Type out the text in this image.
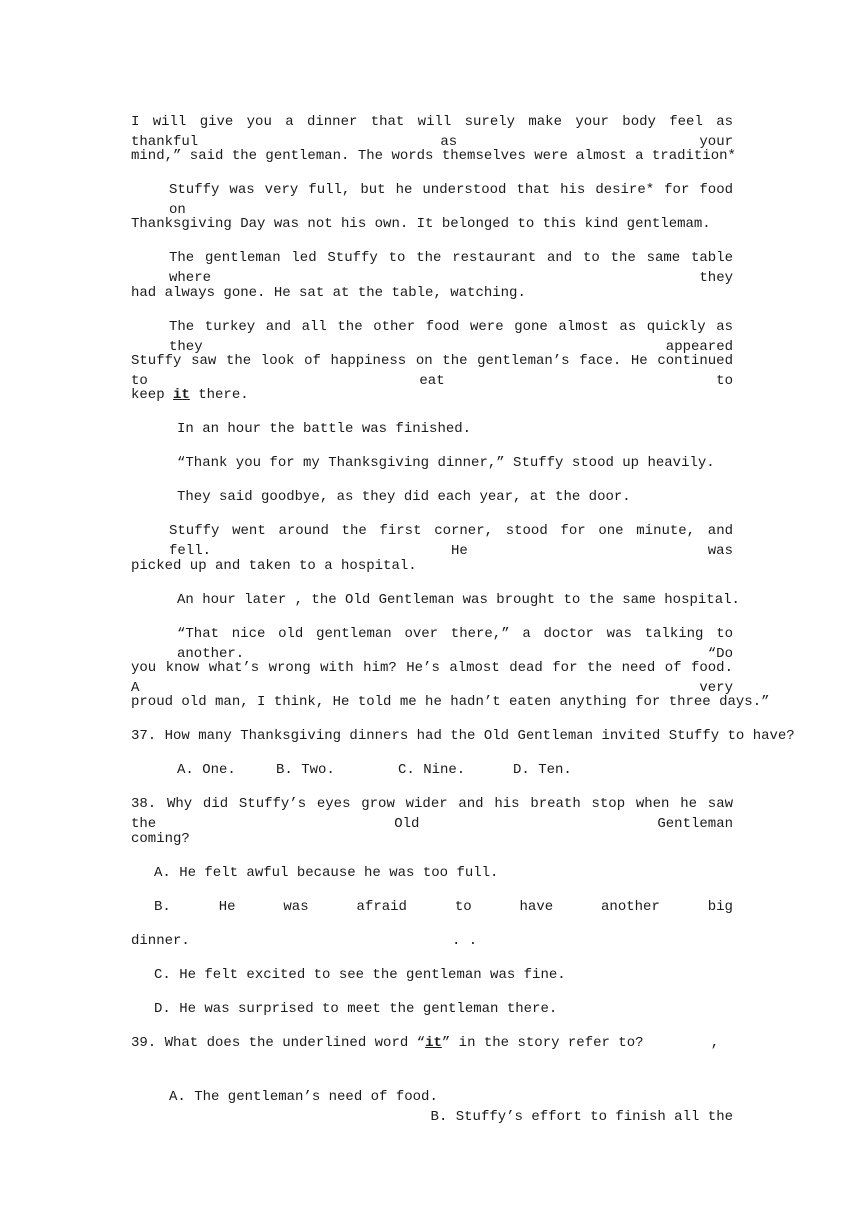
I will give you a dinner that will surely make your body feel as thankful as your
mind,” said the gentleman. The words themselves were almost a tradition*
Stuffy was very full, but he understood that his desire* for food on
Thanksgiving Day was not his own. It belonged to this kind gentlemam.
The gentleman led Stuffy to the restaurant and to the same table where they
had always gone. He sat at the table, watching.
The turkey and all the other food were gone almost as quickly as they appeared
Stuffy saw the look of happiness on the gentleman’s face. He continued to eat to
keep it there.
In an hour the battle was finished.
“Thank you for my Thanksgiving dinner,” Stuffy stood up heavily.
They said goodbye, as they did each year, at the door.
Stuffy went around the first corner, stood for one minute, and fell. He was
picked up and taken to a hospital.
An hour later , the Old Gentleman was brought to the same hospital.
“That nice old gentleman over there,” a doctor was talking to another. “Do
you know what’s wrong with him? He’s almost dead for the need of food. A very
proud old man, I think, He told me he hadn’t eaten anything for three days.”
37. How many Thanksgiving dinners had the Old Gentleman invited Stuffy to have?
A. One.	B. Two.	C. Nine.	D. Ten.
38. Why did Stuffy’s eyes grow wider and his breath stop when he saw the Old Gentleman
coming?
A. He felt awful because he was too full.
B.	He	was	afraid	to	have	another	big
dinner.	. .
C. He felt excited to see the gentleman was fine.
D. He was surprised to meet the gentleman there.
39. What does the underlined word “it” in the story refer to?        ,

A. The gentleman’s need of food.

B. Stuffy’s effort to finish all the
